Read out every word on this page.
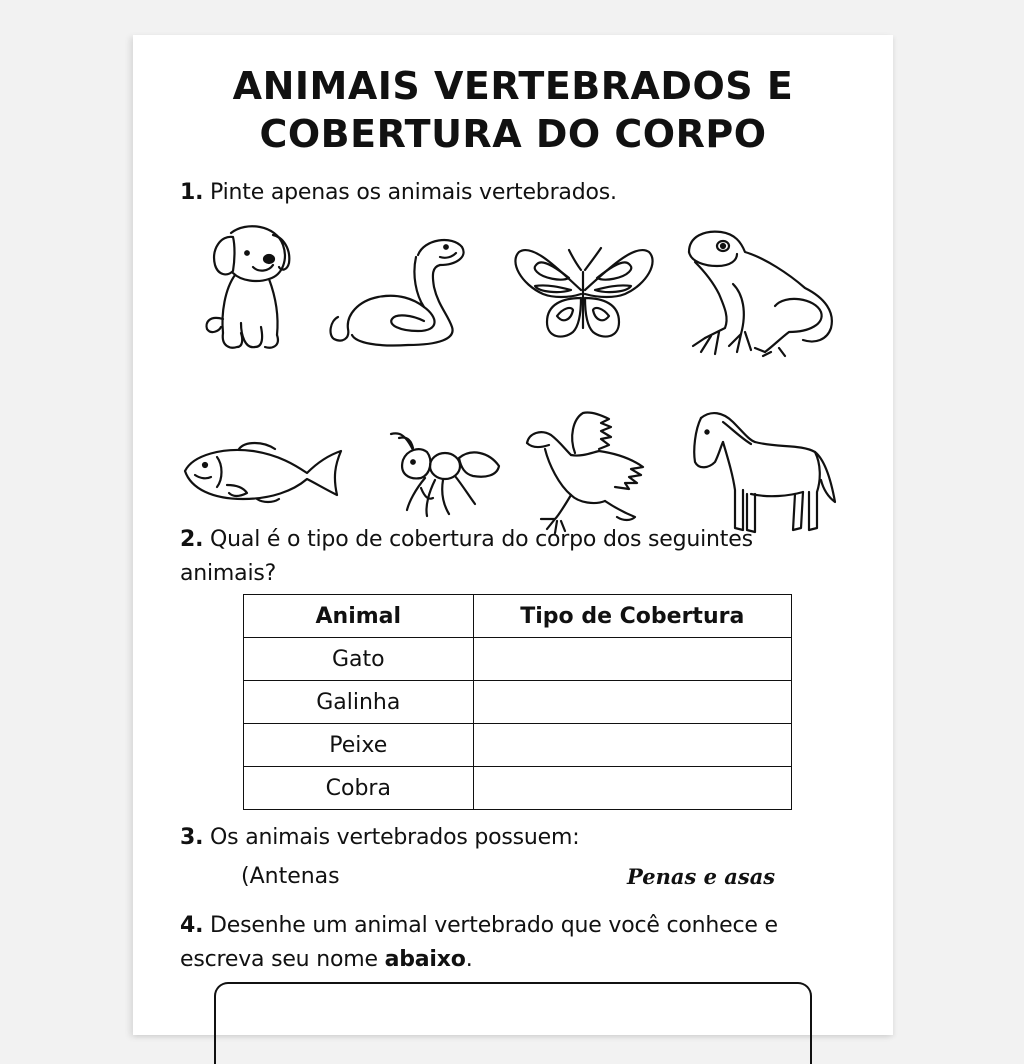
ANIMAIS VERTEBRADOS E
COBERTURA DO CORPO
1. Pinte apenas os animais vertebrados.
2. Qual é o tipo de cobertura do corpo dos seguintes animais?
Animal	Tipo de Cobertura
Gato	
Galinha	
Peixe	
Cobra	
3. Os animais vertebrados possuem:
(Antenas	Penas e asas
4. Desenhe um animal vertebrado que você conhece e escreva seu nome abaixo.
